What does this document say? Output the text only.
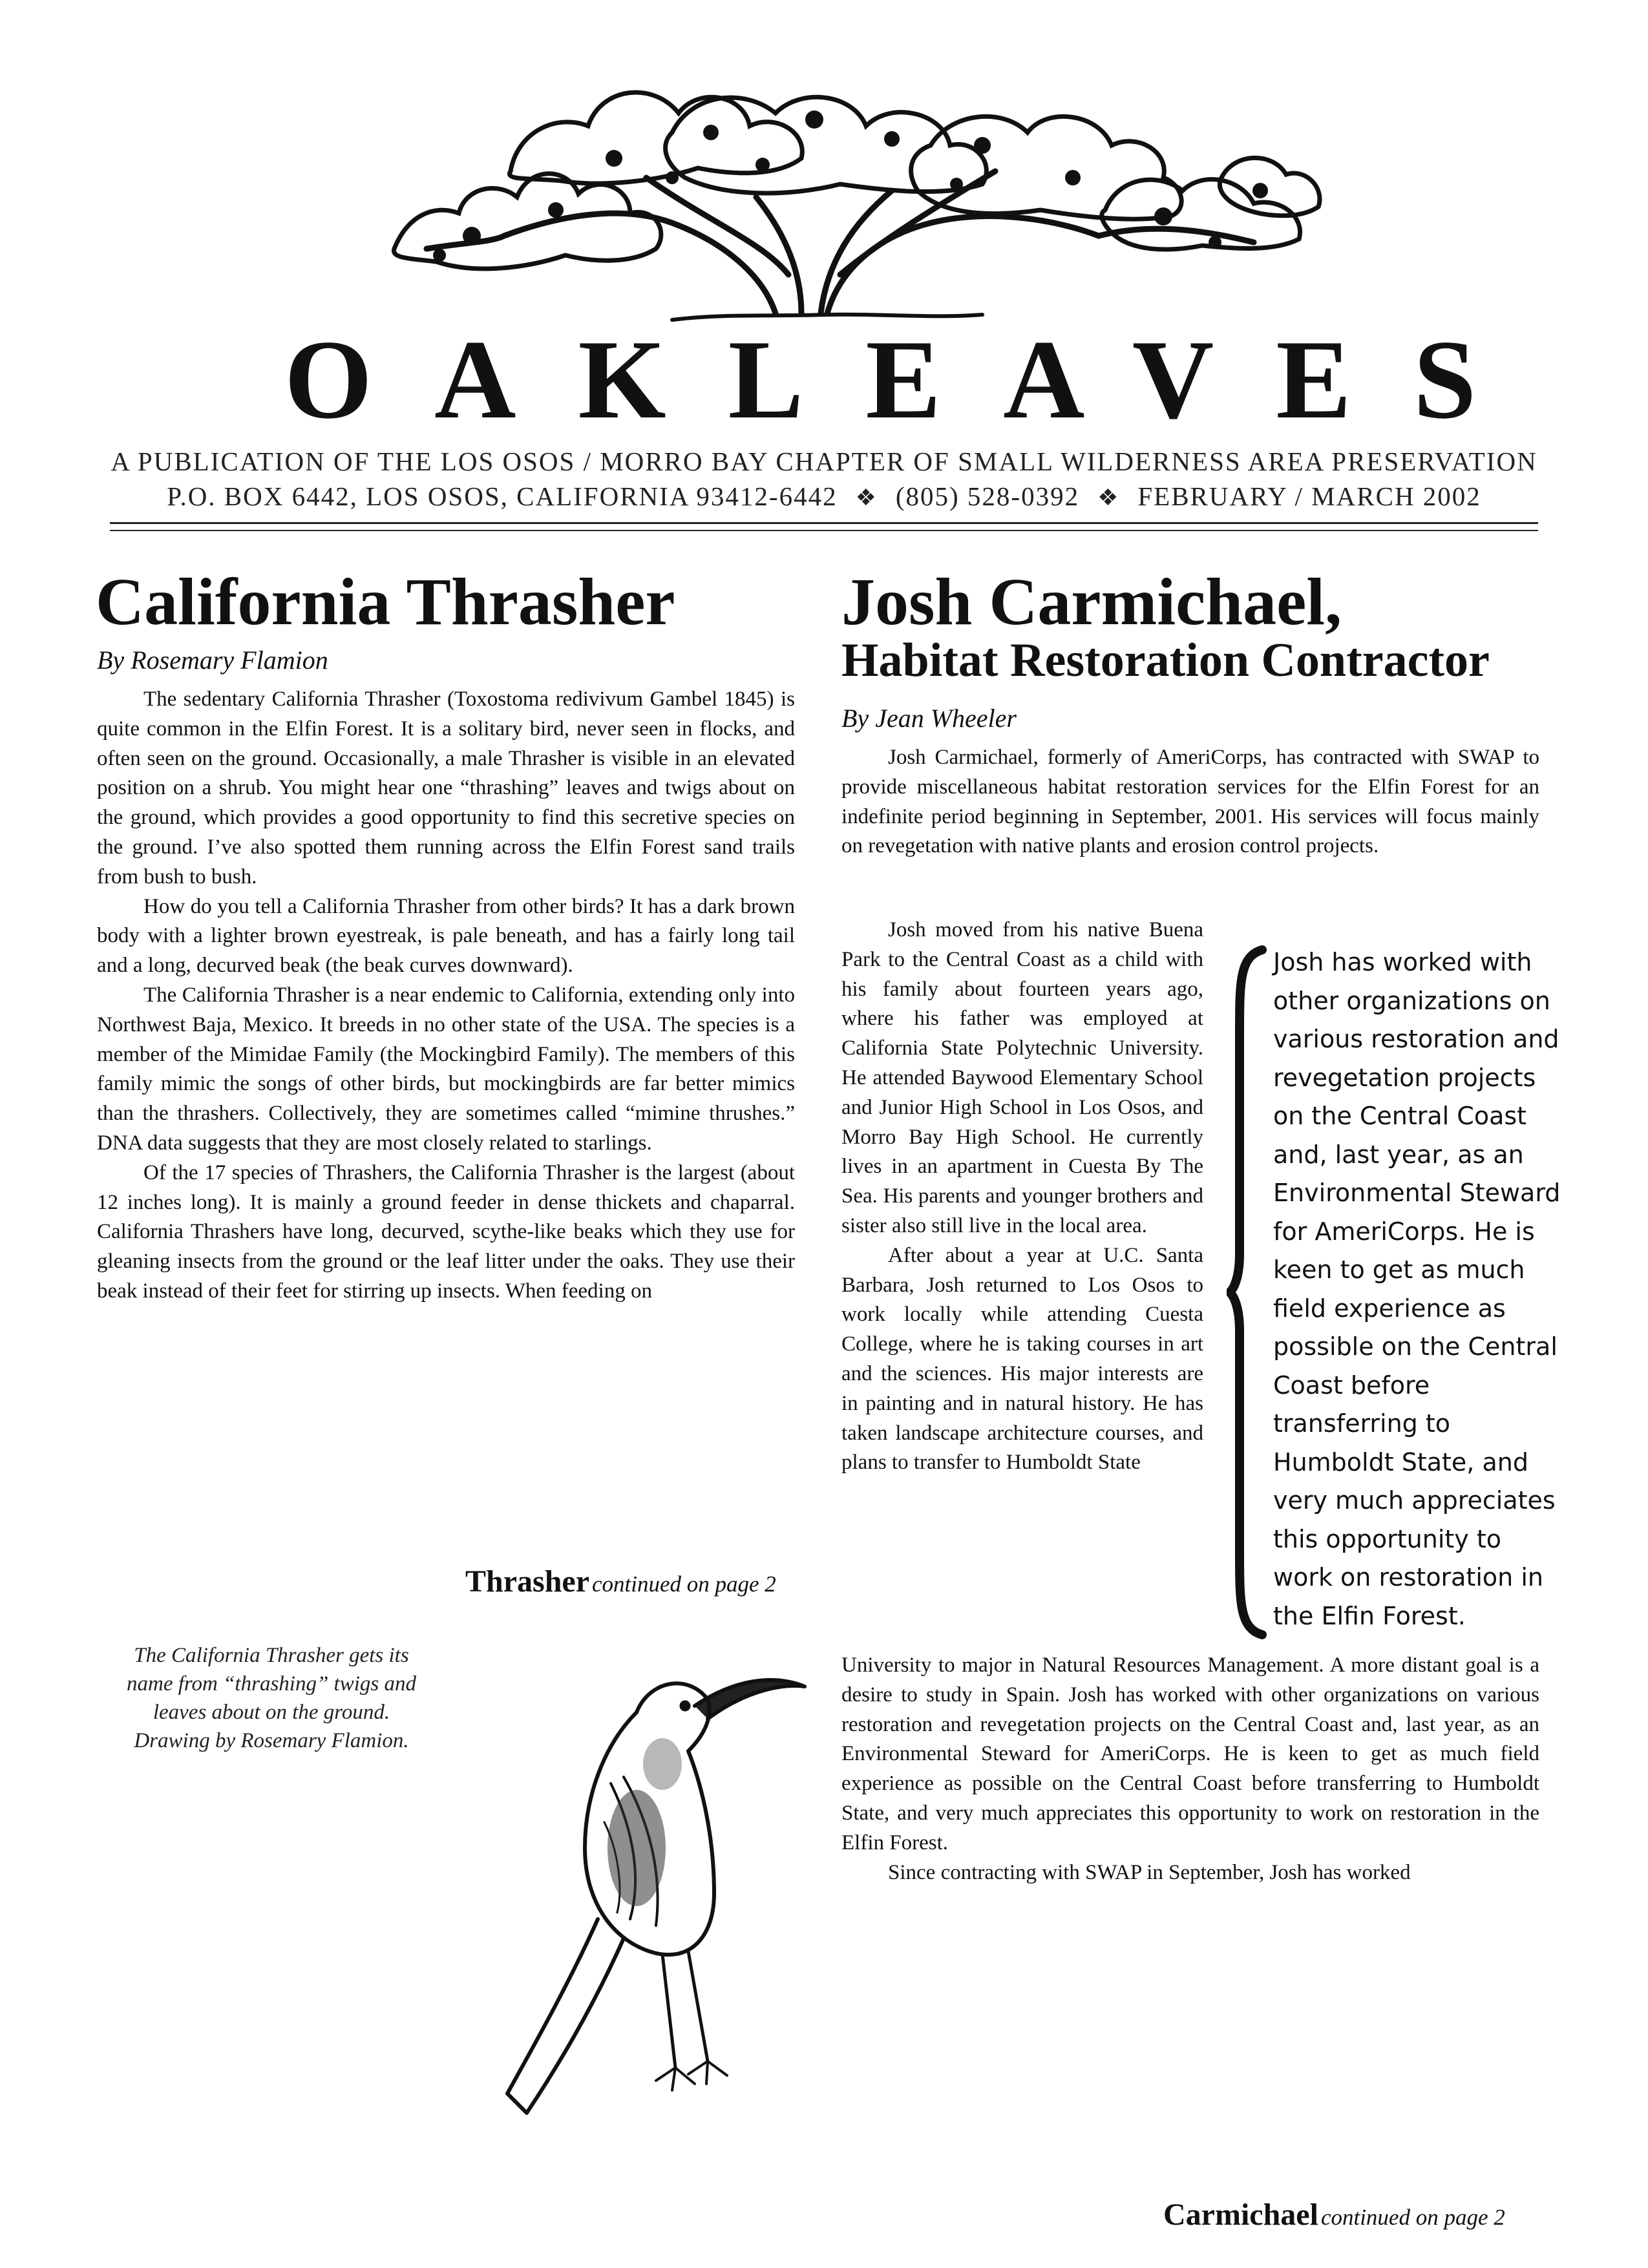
OAKLEAVES
A PUBLICATION OF THE LOS OSOS / MORRO BAY CHAPTER OF SMALL WILDERNESS AREA PRESERVATION
P.O. BOX 6442, LOS OSOS, CALIFORNIA 93412-6442 ❖ (805) 528-0392 ❖ FEBRUARY / MARCH 2002
California Thrasher
By Rosemary Flamion

The sedentary California Thrasher (Toxostoma redivivum Gambel 1845) is quite common in the Elfin Forest. It is a solitary bird, never seen in flocks, and often seen on the ground. Occasionally, a male Thrasher is visible in an elevated position on a shrub. You might hear one “thrashing” leaves and twigs about on the ground, which provides a good opportunity to find this secretive species on the ground. I’ve also spotted them running across the Elfin Forest sand trails from bush to bush.

How do you tell a California Thrasher from other birds? It has a dark brown body with a lighter brown eyestreak, is pale beneath, and has a fairly long tail and a long, decurved beak (the beak curves downward).

The California Thrasher is a near endemic to California, extending only into Northwest Baja, Mexico. It breeds in no other state of the USA. The species is a member of the Mimidae Family (the Mockingbird Family). The members of this family mimic the songs of other birds, but mockingbirds are far better mimics than the thrashers. Collectively, they are sometimes called “mimine thrushes.” DNA data suggests that they are most closely related to starlings.

Of the 17 species of Thrashers, the California Thrasher is the largest (about 12 inches long). It is mainly a ground feeder in dense thickets and chaparral. California Thrashers have long, decurved, scythe-like beaks which they use for gleaning insects from the ground or the leaf litter under the oaks. They use their beak instead of their feet for stirring up insects. When feeding on

Thrasher continued on page 2
The California Thrasher gets its
name from “thrashing” twigs and
leaves about on the ground.
Drawing by Rosemary Flamion.
Josh Carmichael,
Habitat Restoration Contractor
By Jean Wheeler

Josh Carmichael, formerly of AmeriCorps, has contracted with SWAP to provide miscellaneous habitat restoration services for the Elfin Forest for an indefinite period beginning in September, 2001. His services will focus mainly on revegetation with native plants and erosion control projects.

Josh moved from his native Buena Park to the Central Coast as a child with his family about fourteen years ago, where his father was employed at California State Polytechnic University. He attended Baywood Elementary School and Junior High School in Los Osos, and Morro Bay High School. He currently lives in an apartment in Cuesta By The Sea. His parents and younger brothers and sister also still live in the local area.

After about a year at U.C. Santa Barbara, Josh returned to Los Osos to work locally while attending Cuesta College, where he is taking courses in art and the sciences. His major interests are in painting and in natural history. He has taken landscape architecture courses, and plans to transfer to Humboldt State

Josh has worked with
other organizations on
various restoration and
revegetation projects
on the Central Coast
and, last year, as an
Environmental Steward
for AmeriCorps. He is
keen to get as much
field experience as
possible on the Central
Coast before
transferring to
Humboldt State, and
very much appreciates
this opportunity to
work on restoration in
the Elfin Forest.

University to major in Natural Resources Management. A more distant goal is a desire to study in Spain. Josh has worked with other organizations on various restoration and revegetation projects on the Central Coast and, last year, as an Environmental Steward for AmeriCorps. He is keen to get as much field experience as possible on the Central Coast before transferring to Humboldt State, and very much appreciates this opportunity to work on restoration in the Elfin Forest.

Since contracting with SWAP in September, Josh has worked

Carmichael continued on page 2
